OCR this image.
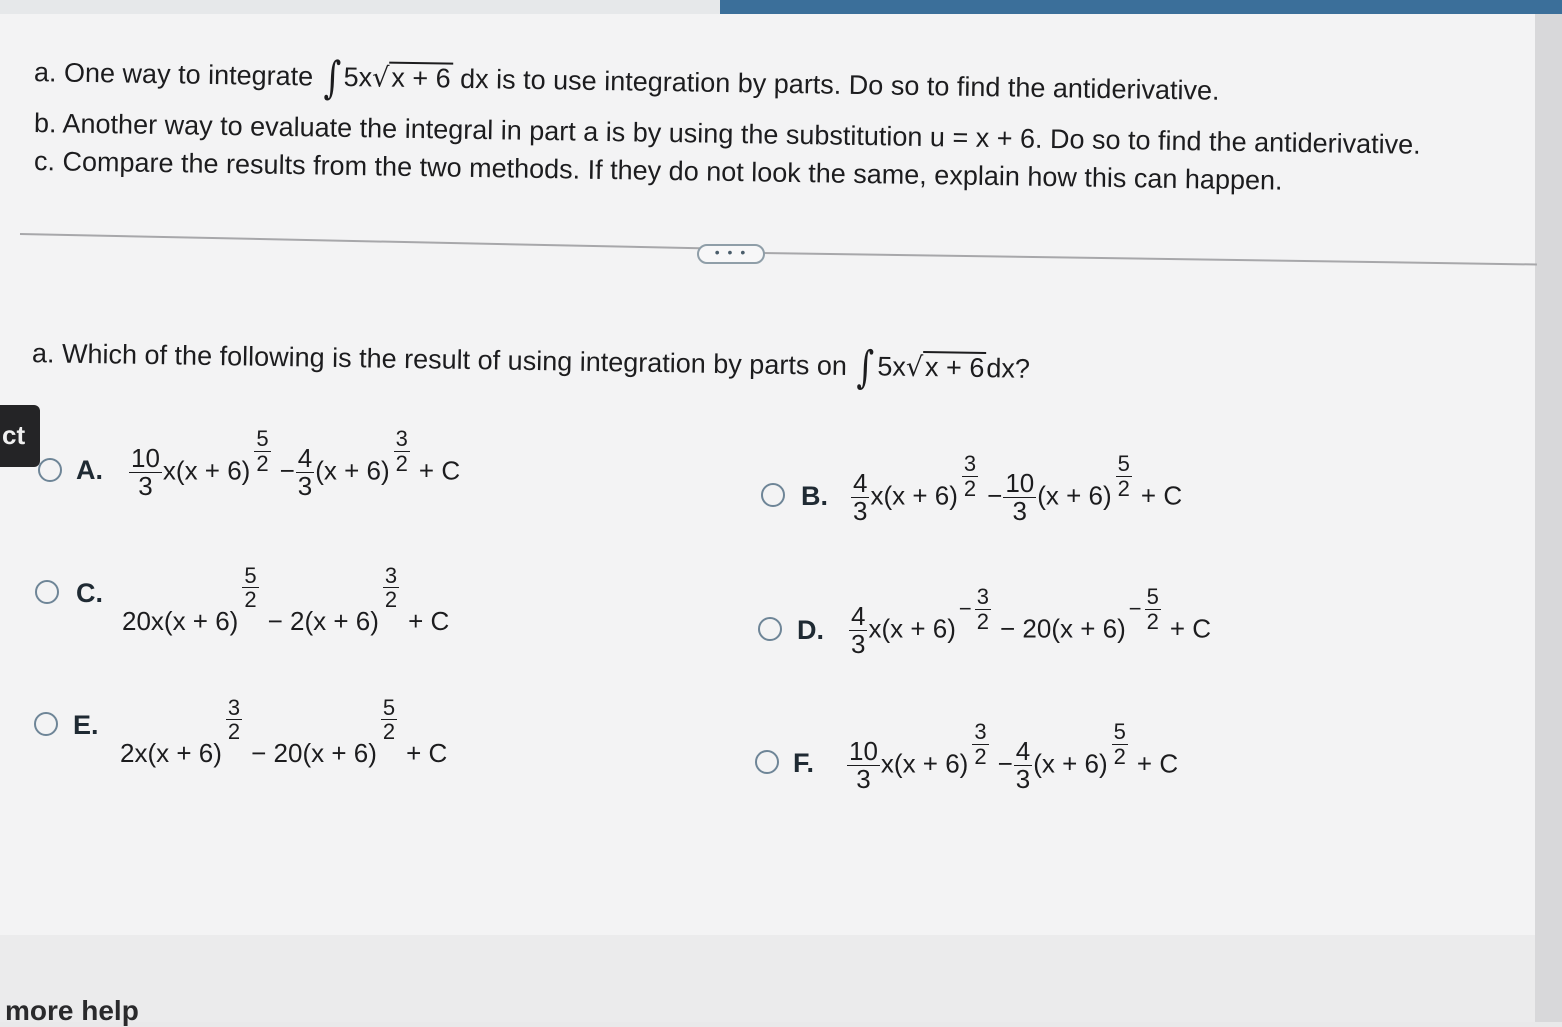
a. One way to integrate ∫5x√x + 6 dx is to use integration by parts. Do so to find the antiderivative.
b. Another way to evaluate the integral in part a is by using the substitution u = x + 6. Do so to find the antiderivative.
c. Compare the results from the two methods. If they do not look the same, explain how this can happen.
• • •
a. Which of the following is the result of using integration by parts on ∫5x√x + 6dx?
ct
A. $\frac{10}{3} x(x + 6) \frac{5}{2} - \frac{4}{3} (x + 6) \frac{3}{2} + C$
B. $\frac{4}{3} x(x + 6) \frac{3}{2} - \frac{10}{3} (x + 6) \frac{5}{2} + C$
C.
20x(x + 6)
$\frac{5}{2}$
− 2(x + 6)
$\frac{3}{2}$
+ C	D. $\frac{4}{3} x(x + 6)- \frac{3}{2} - 20(x + 6)- \frac{5}{2} + C$
E.
2x(x + 6)
$\frac{3}{2}$
− 20(x + 6)
$\frac{5}{2}$
+ C	F. $\frac{10}{3} x(x + 6) \frac{3}{2} - \frac{4}{3} (x + 6) \frac{5}{2} + C$
more help
